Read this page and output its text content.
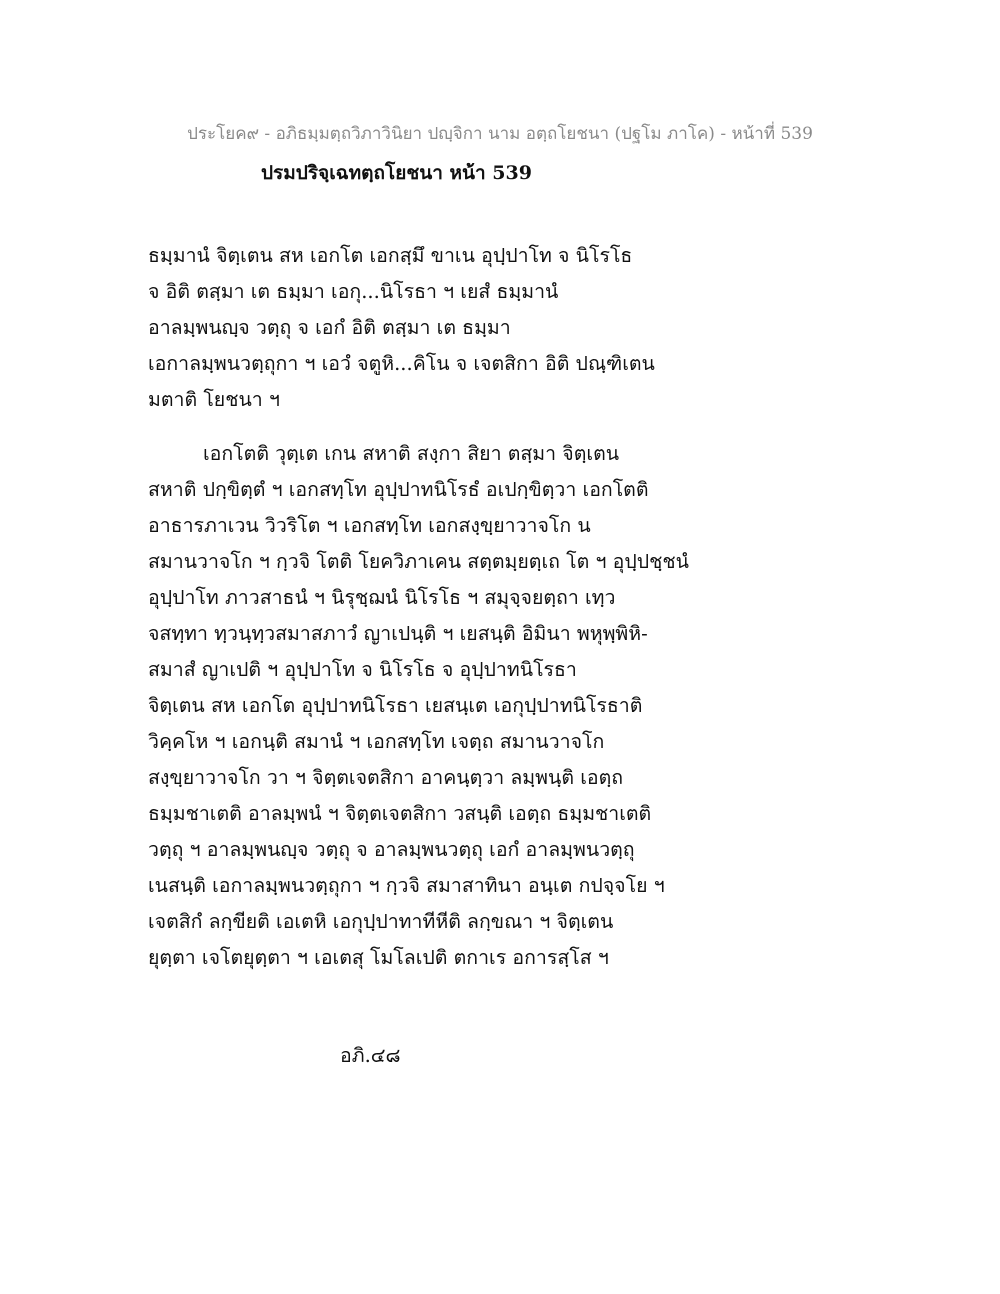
ประโยค๙ - อภิธมฺมตฺถวิภาวินิยา ปญฺจิกา นาม อตฺถโยชนา (ปฐโม ภาโค) - หน้าที่ 539
ปรมปริจฺเฉทตฺถโยชนา หน้า 539
ธมฺมานํ จิตฺเตน สห เอกโต เอกสฺมึ ขาเน อุปฺปาโท จ นิโรโธ
จ อิติ ตสฺมา เต ธมฺมา เอกุ...นิโรธา ฯ เยสํ ธมฺมานํ
อาลมฺพนญฺจ วตฺถุ จ เอกํ อิติ ตสฺมา เต ธมฺมา
เอกาลมฺพนวตฺถุกา ฯ เอวํ จตูหิ...คิโน จ เจตสิกา อิติ ปณฺฑิเตน
มตาติ โยชนา ฯ
เอกโตติ วุตฺเต เกน สหาติ สงฺกา สิยา ตสฺมา จิตฺเตน
สหาติ ปกฺขิตฺตํ ฯ เอกสทฺโท อุปฺปาทนิโรธํ อเปกฺขิตฺวา เอกโตติ
อาธารภาเวน วิวริโต ฯ เอกสทฺโท เอกสงฺขฺยาวาจโก น
สมานวาจโก ฯ กฺวจิ โตติ โยควิภาเคน สตฺตมฺยตฺเถ โต ฯ อุปฺปชฺชนํ
อุปฺปาโท ภาวสาธนํ ฯ นิรุชฺฌนํ นิโรโธ ฯ สมุจฺจยตฺถา เทฺว
จสทฺทา ทฺวนฺทฺวสมาสภาวํ ญาเปนฺติ ฯ เยสนฺติ อิมินา พหุพฺพิหิ-
สมาสํ ญาเปติ ฯ อุปฺปาโท จ นิโรโธ จ อุปฺปาทนิโรธา
จิตฺเตน สห เอกโต อุปฺปาทนิโรธา เยสนฺเต เอกุปฺปาทนิโรธาติ
วิคฺคโห ฯ เอกนฺติ สมานํ ฯ เอกสทฺโท เจตฺถ สมานวาจโก
สงฺขฺยาวาจโก วา ฯ จิตฺตเจตสิกา อาคนฺตฺวา ลมฺพนฺติ เอตฺถ
ธมฺมชาเตติ อาลมฺพนํ ฯ จิตฺตเจตสิกา วสนฺติ เอตฺถ ธมฺมชาเตติ
วตฺถุ ฯ อาลมฺพนญฺจ วตฺถุ จ อาลมฺพนวตฺถุ เอกํ อาลมฺพนวตฺถุ
เนสนฺติ เอกาลมฺพนวตฺถุกา ฯ กฺวจิ สมาสาทินา อนฺเต กปจฺจโย ฯ
เจตสิกํ ลกฺขียติ เอเตหิ เอกุปฺปาทาทีหีติ ลกฺขณา ฯ จิตฺเตน
ยุตฺตา เจโตยุตฺตา ฯ เอเตสุ โมโลเปติ ตกาเร อการสฺโส ฯ
อภิ.๔๘
